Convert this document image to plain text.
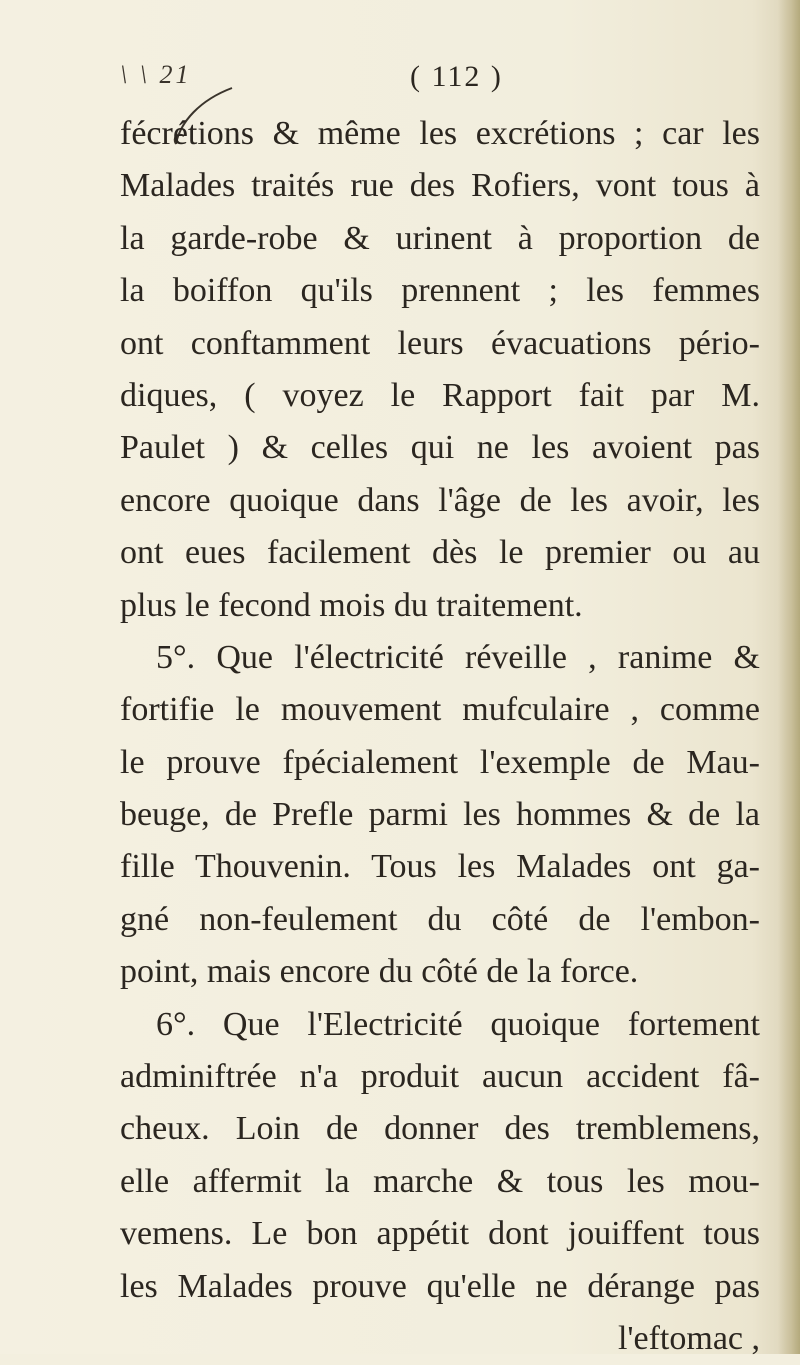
\ \ 21	( 112 )
fécrétions & même les excrétions ; car les
Malades traités rue des Rofiers, vont tous à
la garde-robe & urinent à proportion de
la boiffon qu'ils prennent ; les femmes
ont conftamment leurs évacuations pério-
diques, ( voyez le Rapport fait par M.
Paulet ) & celles qui ne les avoient pas
encore quoique dans l'âge de les avoir, les
ont eues facilement dès le premier ou au
plus le fecond mois du traitement.
5°. Que l'électricité réveille , ranime &
fortifie le mouvement mufculaire , comme
le prouve fpécialement l'exemple de Mau-
beuge, de Prefle parmi les hommes & de la
fille Thouvenin. Tous les Malades ont ga-
gné non-feulement du côté de l'embon-
point, mais encore du côté de la force.
6°. Que l'Electricité quoique fortement
adminiftrée n'a produit aucun accident fâ-
cheux. Loin de donner des tremblemens,
elle affermit la marche & tous les mou-
vemens. Le bon appétit dont jouiffent tous
les Malades prouve qu'elle ne dérange pas
l'eftomac ,
